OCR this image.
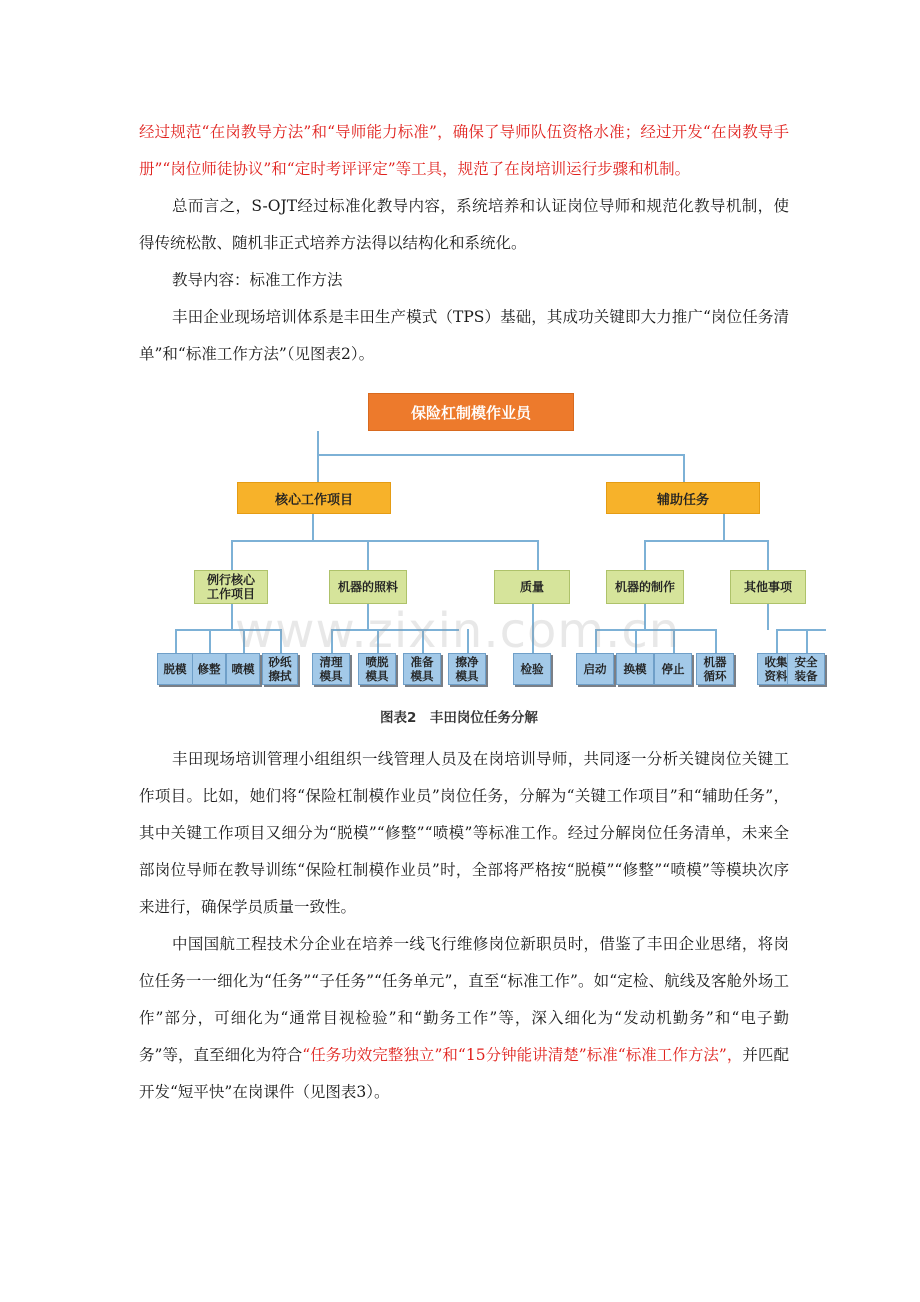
经过规范“在岗教导方法”和“导师能力标准”，确保了导师队伍资格水准；经过开发“在岗教导手册”“岗位师徒协议”和“定时考评评定”等工具，规范了在岗培训运行步骤和机制。

总而言之，S-OJT经过标准化教导内容，系统培养和认证岗位导师和规范化教导机制，使得传统松散、随机非正式培养方法得以结构化和系统化。

教导内容：标准工作方法

丰田企业现场培训体系是丰田生产模式（TPS）基础，其成功关键即大力推广“岗位任务清单”和“标准工作方法”（见图表2）。

保险杠制模作业员
核心工作项目	辅助任务
例行核心工作项目	机器的照料	质量	机器的制作	其他事项
脱模 修整 喷模	砂纸擦拭
清理模具
喷脱模具
准备模具
擦净模具	检验	启动	换模	停止	机器循环
收集资料
安全装备
www.zixin.com.cn
图表2　丰田岗位任务分解

丰田现场培训管理小组组织一线管理人员及在岗培训导师，共同逐一分析关键岗位关键工作项目。比如，她们将“保险杠制模作业员”岗位任务，分解为“关键工作项目”和“辅助任务”，其中关键工作项目又细分为“脱模”“修整”“喷模”等标准工作。经过分解岗位任务清单，未来全部岗位导师在教导训练“保险杠制模作业员”时，全部将严格按“脱模”“修整”“喷模”等模块次序来进行，确保学员质量一致性。

中国国航工程技术分企业在培养一线飞行维修岗位新职员时，借鉴了丰田企业思绪，将岗位任务一一细化为“任务”“子任务”“任务单元”，直至“标准工作”。如“定检、航线及客舱外场工作”部分，可细化为“通常目视检验”和“勤务工作”等，深入细化为“发动机勤务”和“电子勤务”等，直至细化为符合“任务功效完整独立”和“15分钟能讲清楚”标准“标准工作方法”，并匹配开发“短平快”在岗课件（见图表3）。
